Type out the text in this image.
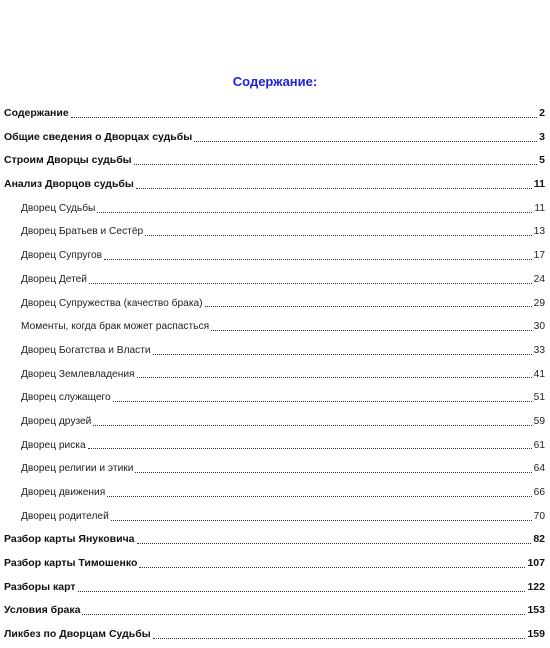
Содержание:
Содержание	2
Общие сведения о Дворцах судьбы	3
Строим Дворцы судьбы	5
Анализ Дворцов судьбы	11
Дворец Судьбы	11
Дворец Братьев и Сестёр	13
Дворец Супругов	17
Дворец Детей	24
Дворец Супружества (качество брака)	29
Моменты, когда брак может распасться	30
Дворец Богатства и Власти	33
Дворец Землевладения	41
Дворец служащего	51
Дворец друзей	59
Дворец риска	61
Дворец религии и этики	64
Дворец движения	66
Дворец родителей	70
Разбор карты Януковича	82
Разбор карты Тимошенко	107
Разборы карт	122
Условия брака	153
Ликбез по Дворцам Судьбы	159
